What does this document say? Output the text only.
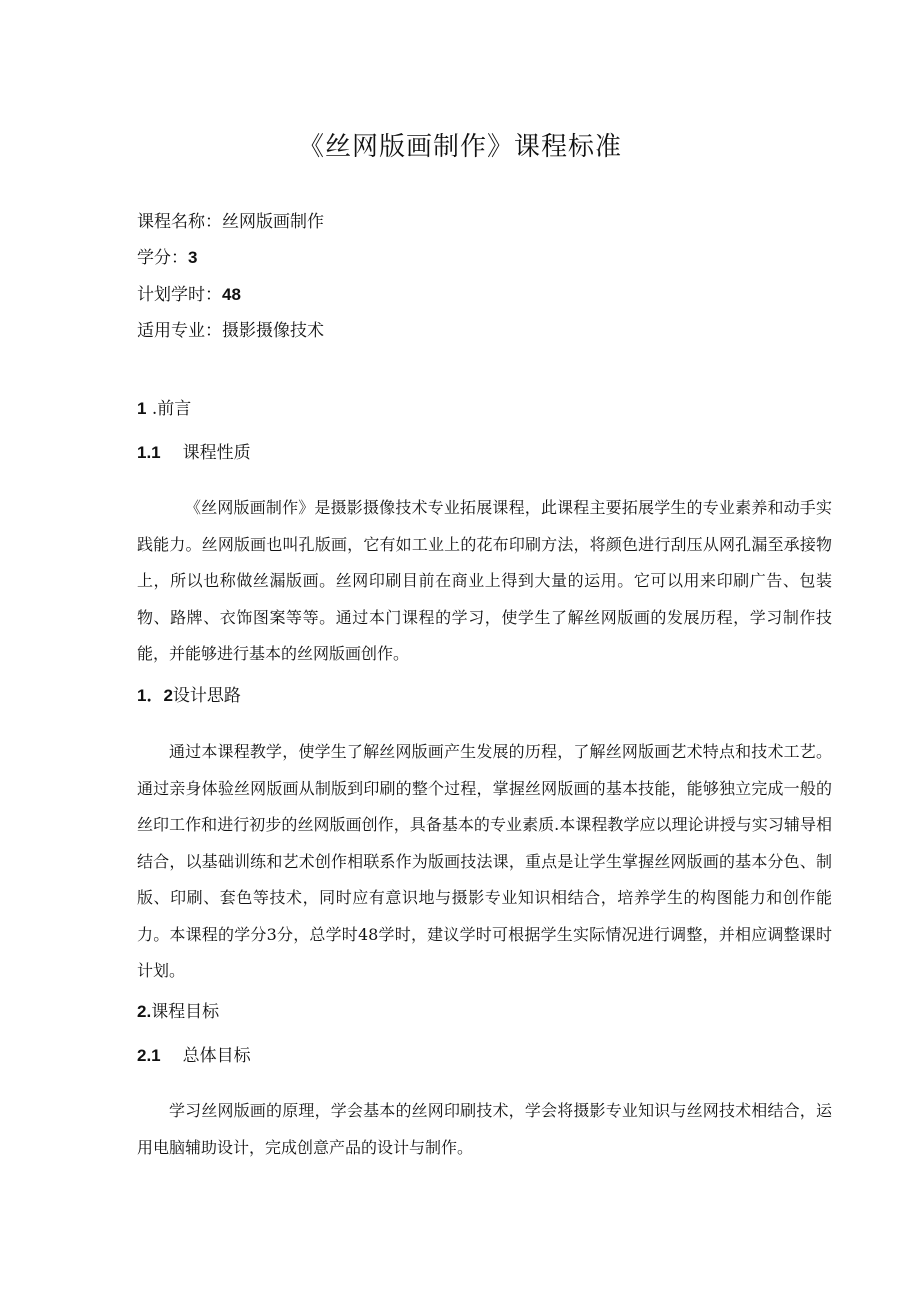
《丝网版画制作》课程标准
课程名称：丝网版画制作
学分：3
计划学时：48
适用专业：摄影摄像技术
1 .前言
1.1 课程性质
《丝网版画制作》是摄影摄像技术专业拓展课程，此课程主要拓展学生的专业素养和动手实践能力。丝网版画也叫孔版画，它有如工业上的花布印刷方法，将颜色进行刮压从网孔漏至承接物上，所以也称做丝漏版画。丝网印刷目前在商业上得到大量的运用。它可以用来印刷广告、包装物、路牌、衣饰图案等等。通过本门课程的学习，使学生了解丝网版画的发展历程，学习制作技能，并能够进行基本的丝网版画创作。
1．2设计思路
通过本课程教学，使学生了解丝网版画产生发展的历程，了解丝网版画艺术特点和技术工艺。通过亲身体验丝网版画从制版到印刷的整个过程，掌握丝网版画的基本技能，能够独立完成一般的丝印工作和进行初步的丝网版画创作，具备基本的专业素质.本课程教学应以理论讲授与实习辅导相结合，以基础训练和艺术创作相联系作为版画技法课，重点是让学生掌握丝网版画的基本分色、制版、印刷、套色等技术，同时应有意识地与摄影专业知识相结合，培养学生的构图能力和创作能力。本课程的学分3分，总学时48学时，建议学时可根据学生实际情况进行调整，并相应调整课时计划。
2.课程目标
2.1 总体目标
学习丝网版画的原理，学会基本的丝网印刷技术，学会将摄影专业知识与丝网技术相结合，运用电脑辅助设计，完成创意产品的设计与制作。
